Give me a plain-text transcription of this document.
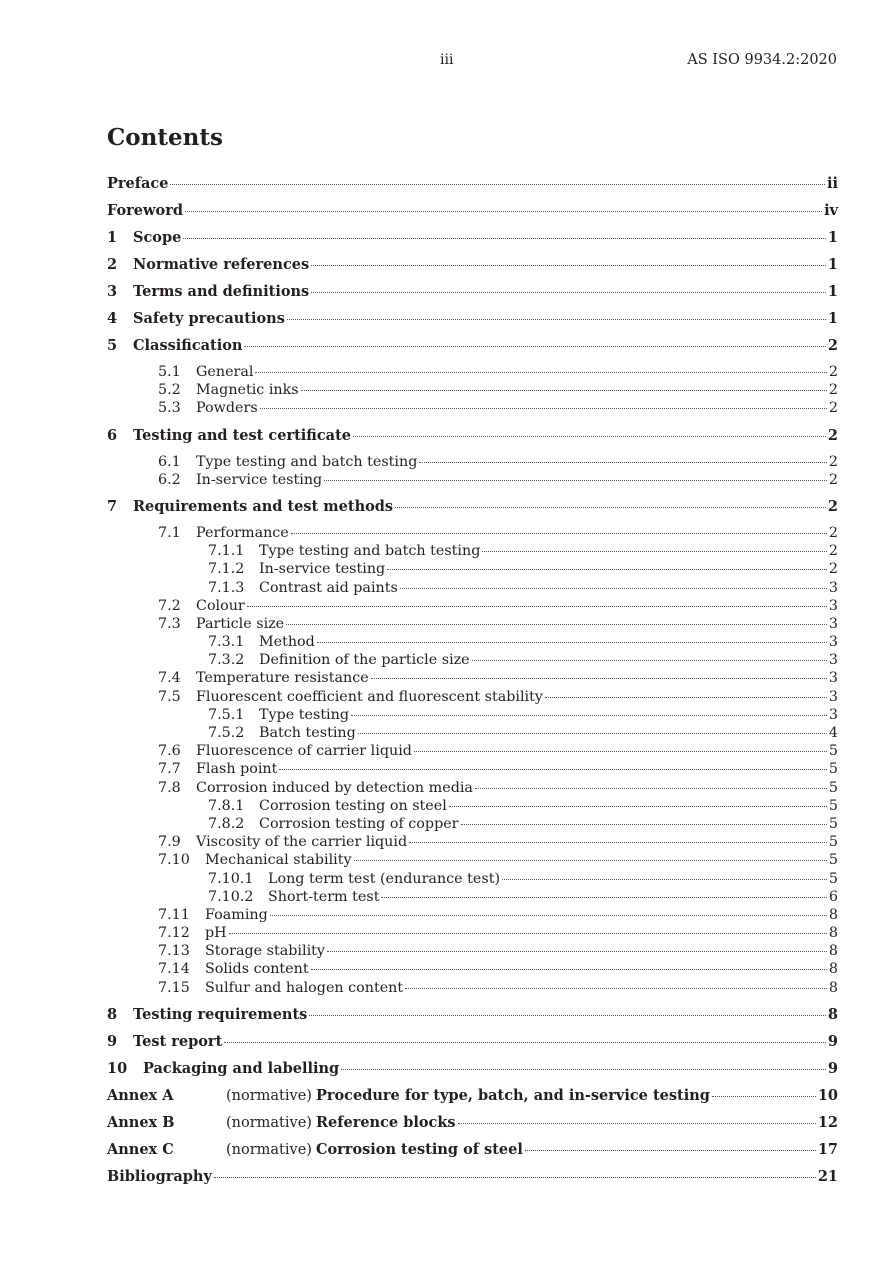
iii	AS ISO 9934.2:2020
Contents
Preface	ii
Foreword	iv
1	Scope	1
2	Normative references	1
3	Terms and definitions	1
4	Safety precautions	1
5	Classification	2
5.1	General	2
5.2	Magnetic inks	2
5.3	Powders	2
6	Testing and test certificate	2
6.1	Type testing and batch testing	2
6.2	In-service testing	2
7	Requirements and test methods	2
7.1	Performance	2
7.1.1	Type testing and batch testing	2
7.1.2	In-service testing	2
7.1.3	Contrast aid paints	3
7.2	Colour	3
7.3	Particle size	3
7.3.1	Method	3
7.3.2	Definition of the particle size	3
7.4	Temperature resistance	3
7.5	Fluorescent coefficient and fluorescent stability	3
7.5.1	Type testing	3
7.5.2	Batch testing	4
7.6	Fluorescence of carrier liquid	5
7.7	Flash point	5
7.8	Corrosion induced by detection media	5
7.8.1	Corrosion testing on steel	5
7.8.2	Corrosion testing of copper	5
7.9	Viscosity of the carrier liquid	5
7.10	Mechanical stability	5
7.10.1	Long term test (endurance test)	5
7.10.2	Short-term test	6
7.11	Foaming	8
7.12	pH	8
7.13	Storage stability	8
7.14	Solids content	8
7.15	Sulfur and halogen content	8
8	Testing requirements	8
9	Test report	9
10	Packaging and labelling	9
Annex A	(normative) Procedure for type, batch, and in-service testing	10
Annex B	(normative) Reference blocks	12
Annex C	(normative) Corrosion testing of steel	17
Bibliography	21
